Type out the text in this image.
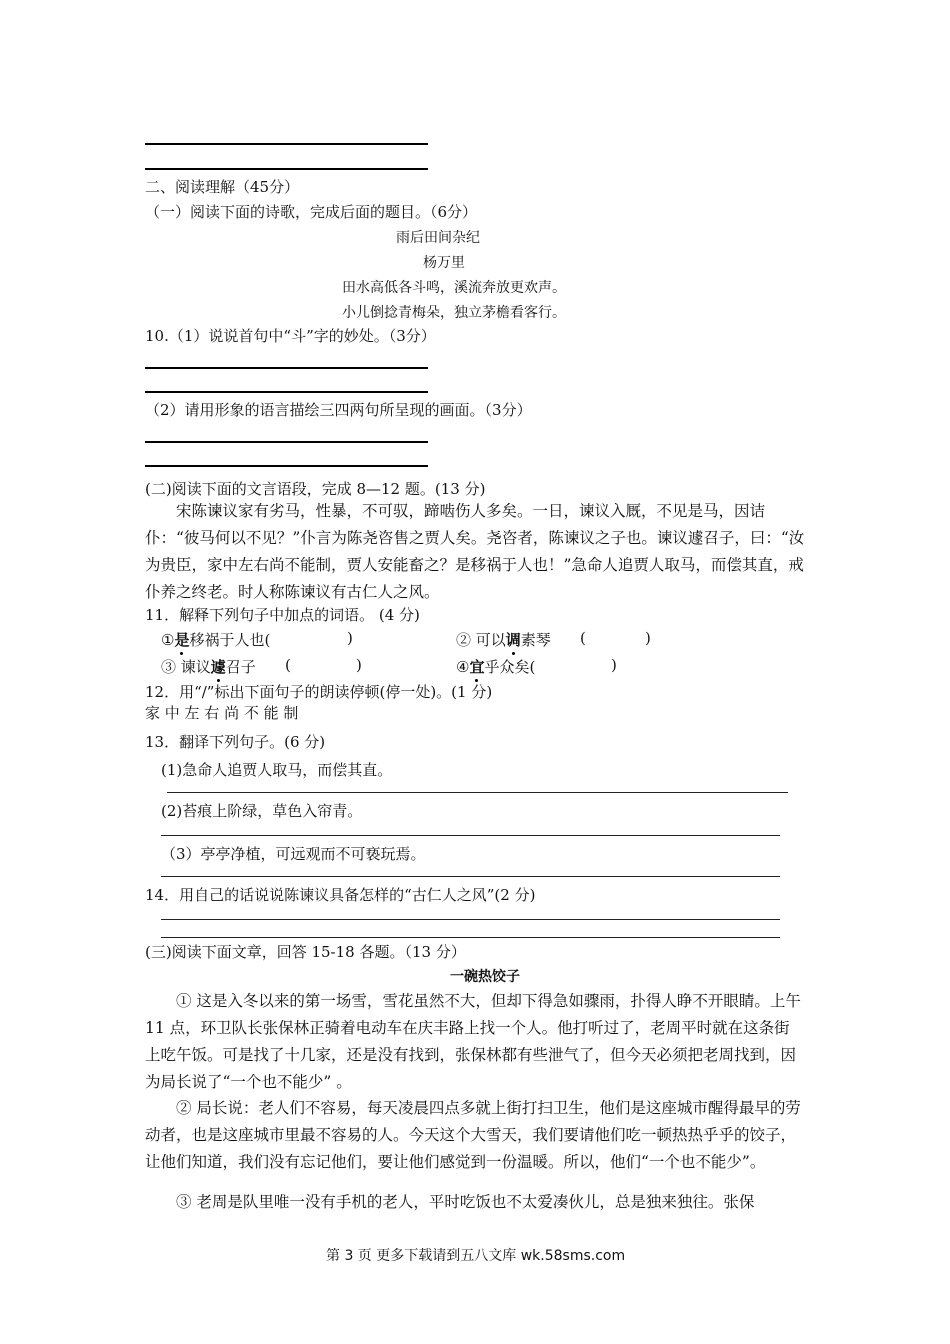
二、阅读理解（45分）
（一）阅读下面的诗歌，完成后面的题目。（6分）
雨后田间杂纪
杨万里
田水高低各斗鸣，溪流奔放更欢声。
小儿倒捻青梅朵，独立茅檐看客行。
10.（1）说说首句中“斗”字的妙处。（3分）
（2）请用形象的语言描绘三四两句所呈现的画面。（3分）
(二)阅读下面的文言语段，完成 8—12 题。(13 分)
宋陈谏议家有劣马，性暴，不可驭，蹄啮伤人多矣。一日，谏议入厩，不见是马，因诘仆：“彼马何以不见？”仆言为陈尧咨售之贾人矣。尧咨者，陈谏议之子也。谏议遽召子，曰：“汝为贵臣，家中左右尚不能制，贾人安能畜之？是移祸于人也！”急命人追贾人取马，而偿其直，戒仆养之终老。时人称陈谏议有古仁人之风。
11．解释下列句子中加点的词语。 (4 分)
①是移祸于人也(	)	② 可以调素琴 (	)
③ 谏议遽召子 (	)	④宜乎众矣(	)
12．用“/”标出下面句子的朗读停顿(停一处)。(1 分)
家 中 左 右 尚 不 能 制
13．翻译下列句子。(6 分)
(1)急命人追贾人取马，而偿其直。
(2)苔痕上阶绿，草色入帘青。
（3）亭亭净植，可远观而不可亵玩焉。
14．用自己的话说说陈谏议具备怎样的“古仁人之风”(2 分)
(三)阅读下面文章，回答 15-18 各题。（13 分）
一碗热饺子
① 这是入冬以来的第一场雪，雪花虽然不大，但却下得急如骤雨，扑得人睁不开眼睛。上午 11 点，环卫队长张保林正骑着电动车在庆丰路上找一个人。他打听过了，老周平时就在这条街上吃午饭。可是找了十几家，还是没有找到，张保林都有些泄气了，但今天必须把老周找到，因为局长说了“一个也不能少” 。
② 局长说：老人们不容易，每天凌晨四点多就上街打扫卫生，他们是这座城市醒得最早的劳动者，也是这座城市里最不容易的人。今天这个大雪天，我们要请他们吃一顿热热乎乎的饺子，让他们知道，我们没有忘记他们，要让他们感觉到一份温暖。所以，他们“一个也不能少”。
③ 老周是队里唯一没有手机的老人，平时吃饭也不太爱凑伙儿，总是独来独往。张保
第 3 页 更多下载请到五八文库 wk.58sms.com
